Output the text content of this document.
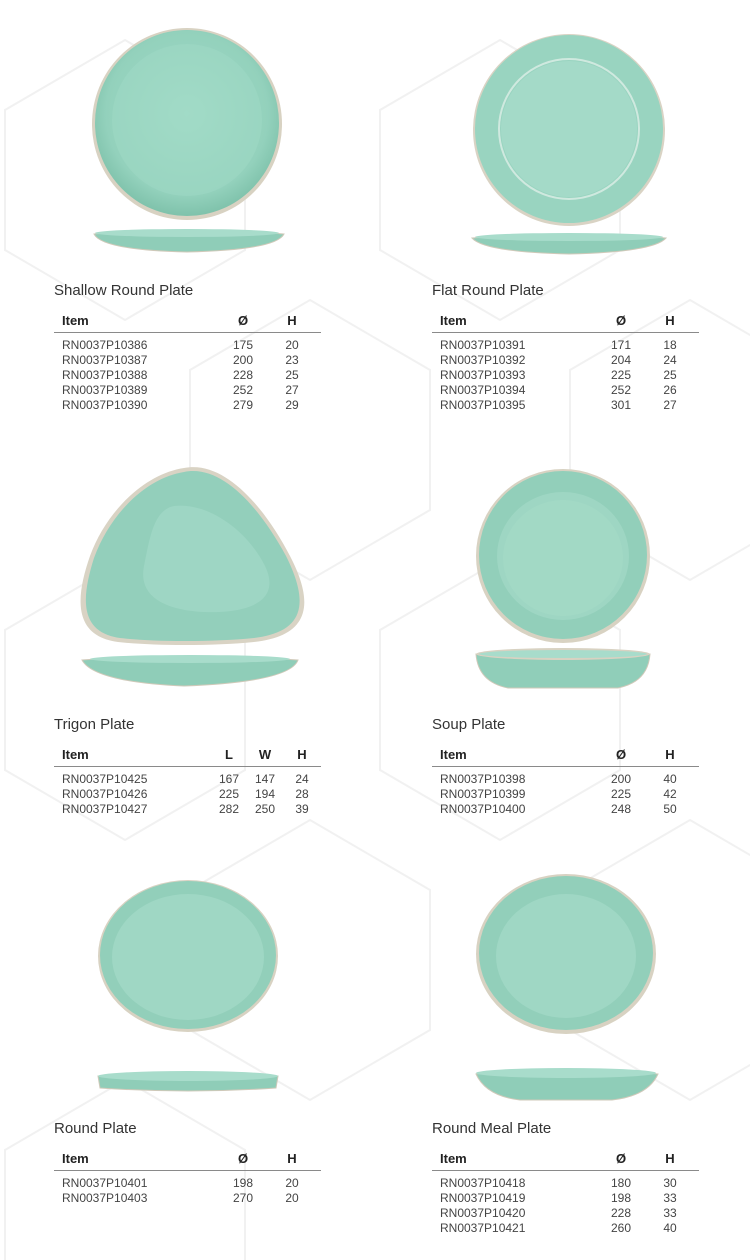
Shallow Round Plate
Item	Ø	H
RN0037P10386	175	20
RN0037P10387	200	23
RN0037P10388	228	25
RN0037P10389	252	27
RN0037P10390	279	29
Flat Round Plate
Item	Ø	H
RN0037P10391	171	18
RN0037P10392	204	24
RN0037P10393	225	25
RN0037P10394	252	26
RN0037P10395	301	27
Trigon Plate
Item	L	W	H
RN0037P10425	167	147	24
RN0037P10426	225	194	28
RN0037P10427	282	250	39
Soup Plate
Item	Ø	H
RN0037P10398	200	40
RN0037P10399	225	42
RN0037P10400	248	50
Round Plate
Item	Ø	H
RN0037P10401	198	20
RN0037P10403	270	20
Round Meal Plate
Item	Ø	H
RN0037P10418	180	30
RN0037P10419	198	33
RN0037P10420	228	33
RN0037P10421	260	40
